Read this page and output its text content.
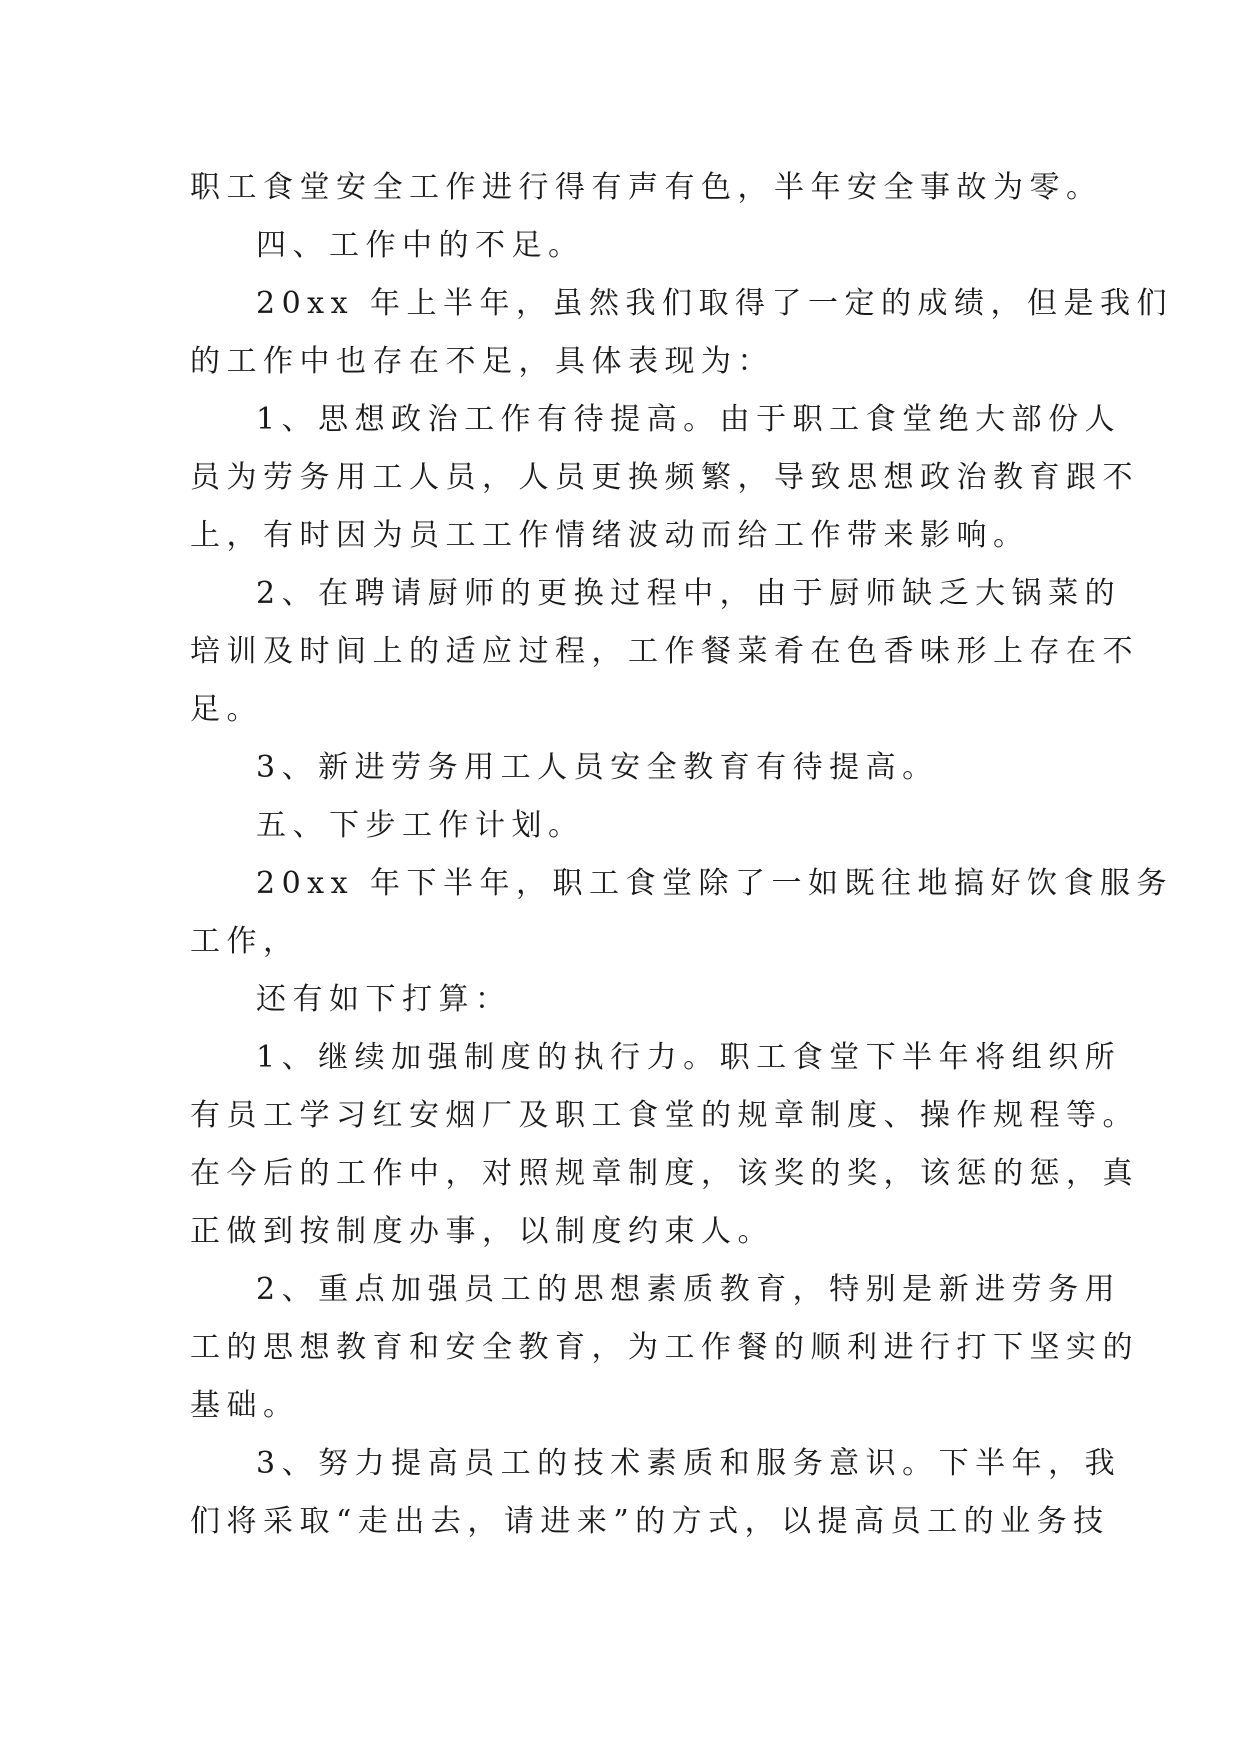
职工食堂安全工作进行得有声有色，半年安全事故为零。

四、工作中的不足。

20xx 年上半年，虽然我们取得了一定的成绩，但是我们

的工作中也存在不足，具体表现为：

1、思想政治工作有待提高。由于职工食堂绝大部份人

员为劳务用工人员，人员更换频繁，导致思想政治教育跟不

上，有时因为员工工作情绪波动而给工作带来影响。

2、在聘请厨师的更换过程中，由于厨师缺乏大锅菜的

培训及时间上的适应过程，工作餐菜肴在色香味形上存在不

足。

3、新进劳务用工人员安全教育有待提高。

五、下步工作计划。

20xx 年下半年，职工食堂除了一如既往地搞好饮食服务

工作，

还有如下打算：

1、继续加强制度的执行力。职工食堂下半年将组织所

有员工学习红安烟厂及职工食堂的规章制度、操作规程等。

在今后的工作中，对照规章制度，该奖的奖，该惩的惩，真

正做到按制度办事，以制度约束人。

2、重点加强员工的思想素质教育，特别是新进劳务用

工的思想教育和安全教育，为工作餐的顺利进行打下坚实的

基础。

3、努力提高员工的技术素质和服务意识。下半年，我

们将采取“走出去，请进来”的方式，以提高员工的业务技
